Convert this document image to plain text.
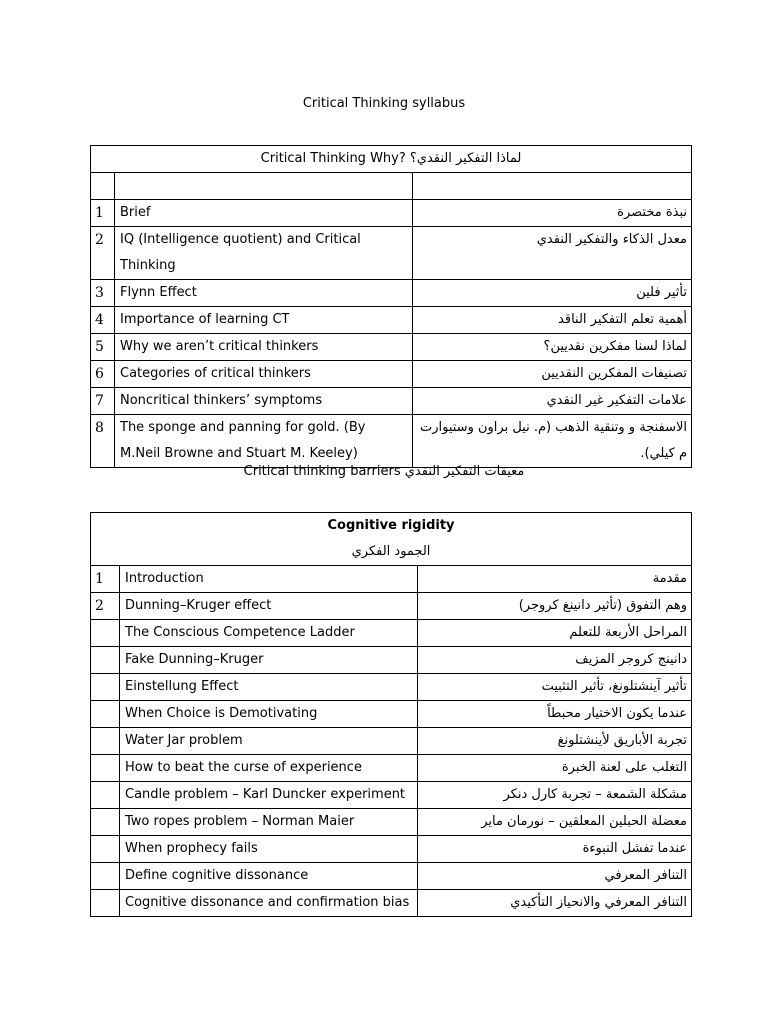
Critical Thinking syllabus
Critical Thinking Why? لماذا التفكير النقدي؟		

1	Brief	نبذة مختصرة
2	IQ (Intelligence quotient) and Critical Thinking	معدل الذكاء والتفكير النقدي
3	Flynn Effect	تأثير فلين
4	Importance of learning CT	أهمية تعلم التفكير الناقد
5	Why we aren’t critical thinkers	لماذا لسنا مفكرين نقديين؟
6	Categories of critical thinkers	تصنيفات المفكرين النقديين
7	Noncritical thinkers’ symptoms	علامات التفكير غير النقدي
8	The sponge and panning for gold. (By M.Neil Browne and Stuart M. Keeley)	الاسفنجة و وتنقية الذهب (م. نيل براون وستيوارت م كيلي).
Critical thinking barriers معيقات التفكير النقدي
Cognitive rigidity
الجمود الفكري		

1	Introduction	مقدمة
2	Dunning–Kruger effect	وهم التفوق (تأثير دانينغ كروجر)
	The Conscious Competence Ladder	المراحل الأربعة للتعلم
	Fake Dunning–Kruger	دانينج كروجر المزيف
	Einstellung Effect	تأثير آينشتلونغ، تأثير التثبيت
	When Choice is Demotivating	عندما يكون الاختيار محبطاً
	Water Jar problem	تجربة الأباريق لأينشتلونغ
	How to beat the curse of experience	التغلب على لعنة الخبرة
	Candle problem – Karl Duncker experiment	مشكلة الشمعة – تجربة كارل دنكر
	Two ropes problem – Norman Maier	معضلة الحبلين المعلقين – نورمان ماير
	When prophecy fails	عندما تفشل النبوءة
	Define cognitive dissonance	التنافر المعرفي
	Cognitive dissonance and confirmation bias	التنافر المعرفي والانحياز التأكيدي
